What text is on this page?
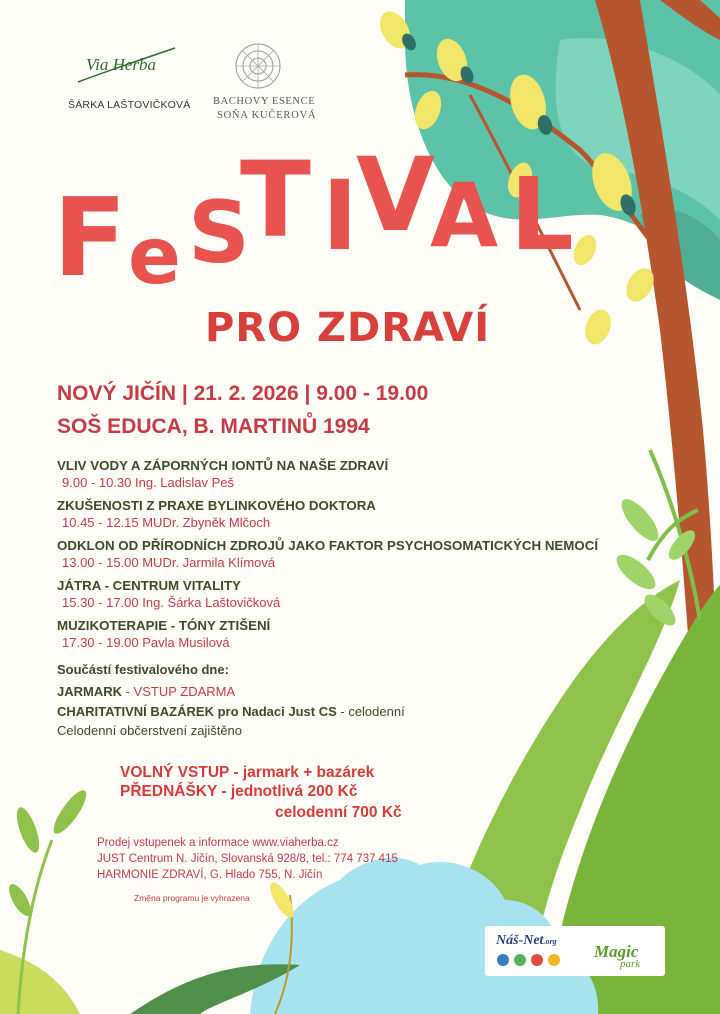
Via Herba
ŠÁRKA LAŠTOVIČKOVÁ BACHOVY ESENCE
SOŇA KUČEROVÁ
F e S
T I
V
A L
PRO ZDRAVÍ
NOVÝ JIČÍN | 21. 2. 2026 | 9.00 - 19.00
SOŠ EDUCA, B. MARTINŮ 1994
VLIV VODY A ZÁPORNÝCH IONTŮ NA NAŠE ZDRAVÍ
9.00 - 10.30 Ing. Ladislav Peš
ZKUŠENOSTI Z PRAXE BYLINKOVÉHO DOKTORA
10.45 - 12.15 MUDr. Zbyněk Mlčoch
ODKLON OD PŘÍRODNÍCH ZDROJŮ JAKO FAKTOR PSYCHOSOMATICKÝCH NEMOCÍ
13.00 - 15.00 MUDr. Jarmila Klímová
JÁTRA - CENTRUM VITALITY
15.30 - 17.00 Ing. Šárka Laštovičková
MUZIKOTERAPIE - TÓNY ZTIŠENÍ
17.30 - 19.00 Pavla Musilová
Součástí festivalového dne:
JARMARK - VSTUP ZDARMA
CHARITATIVNÍ BAZÁREK pro Nadaci Just CS - celodenní
Celodenní občerstvení zajištěno
VOLNÝ VSTUP - jarmark + bazárek
PŘEDNÁŠKY - jednotlivá 200 Kč
celodenní 700 Kč
Prodej vstupenek a informace www.viaherba.cz
JUST Centrum N. Jičín, Slovanská 928/8, tel.: 774 737 415
HARMONIE ZDRAVÍ, G. Hlado 755, N. Jičín
Změna programu je vyhrazena
Náš-Net.org
Magic
park
